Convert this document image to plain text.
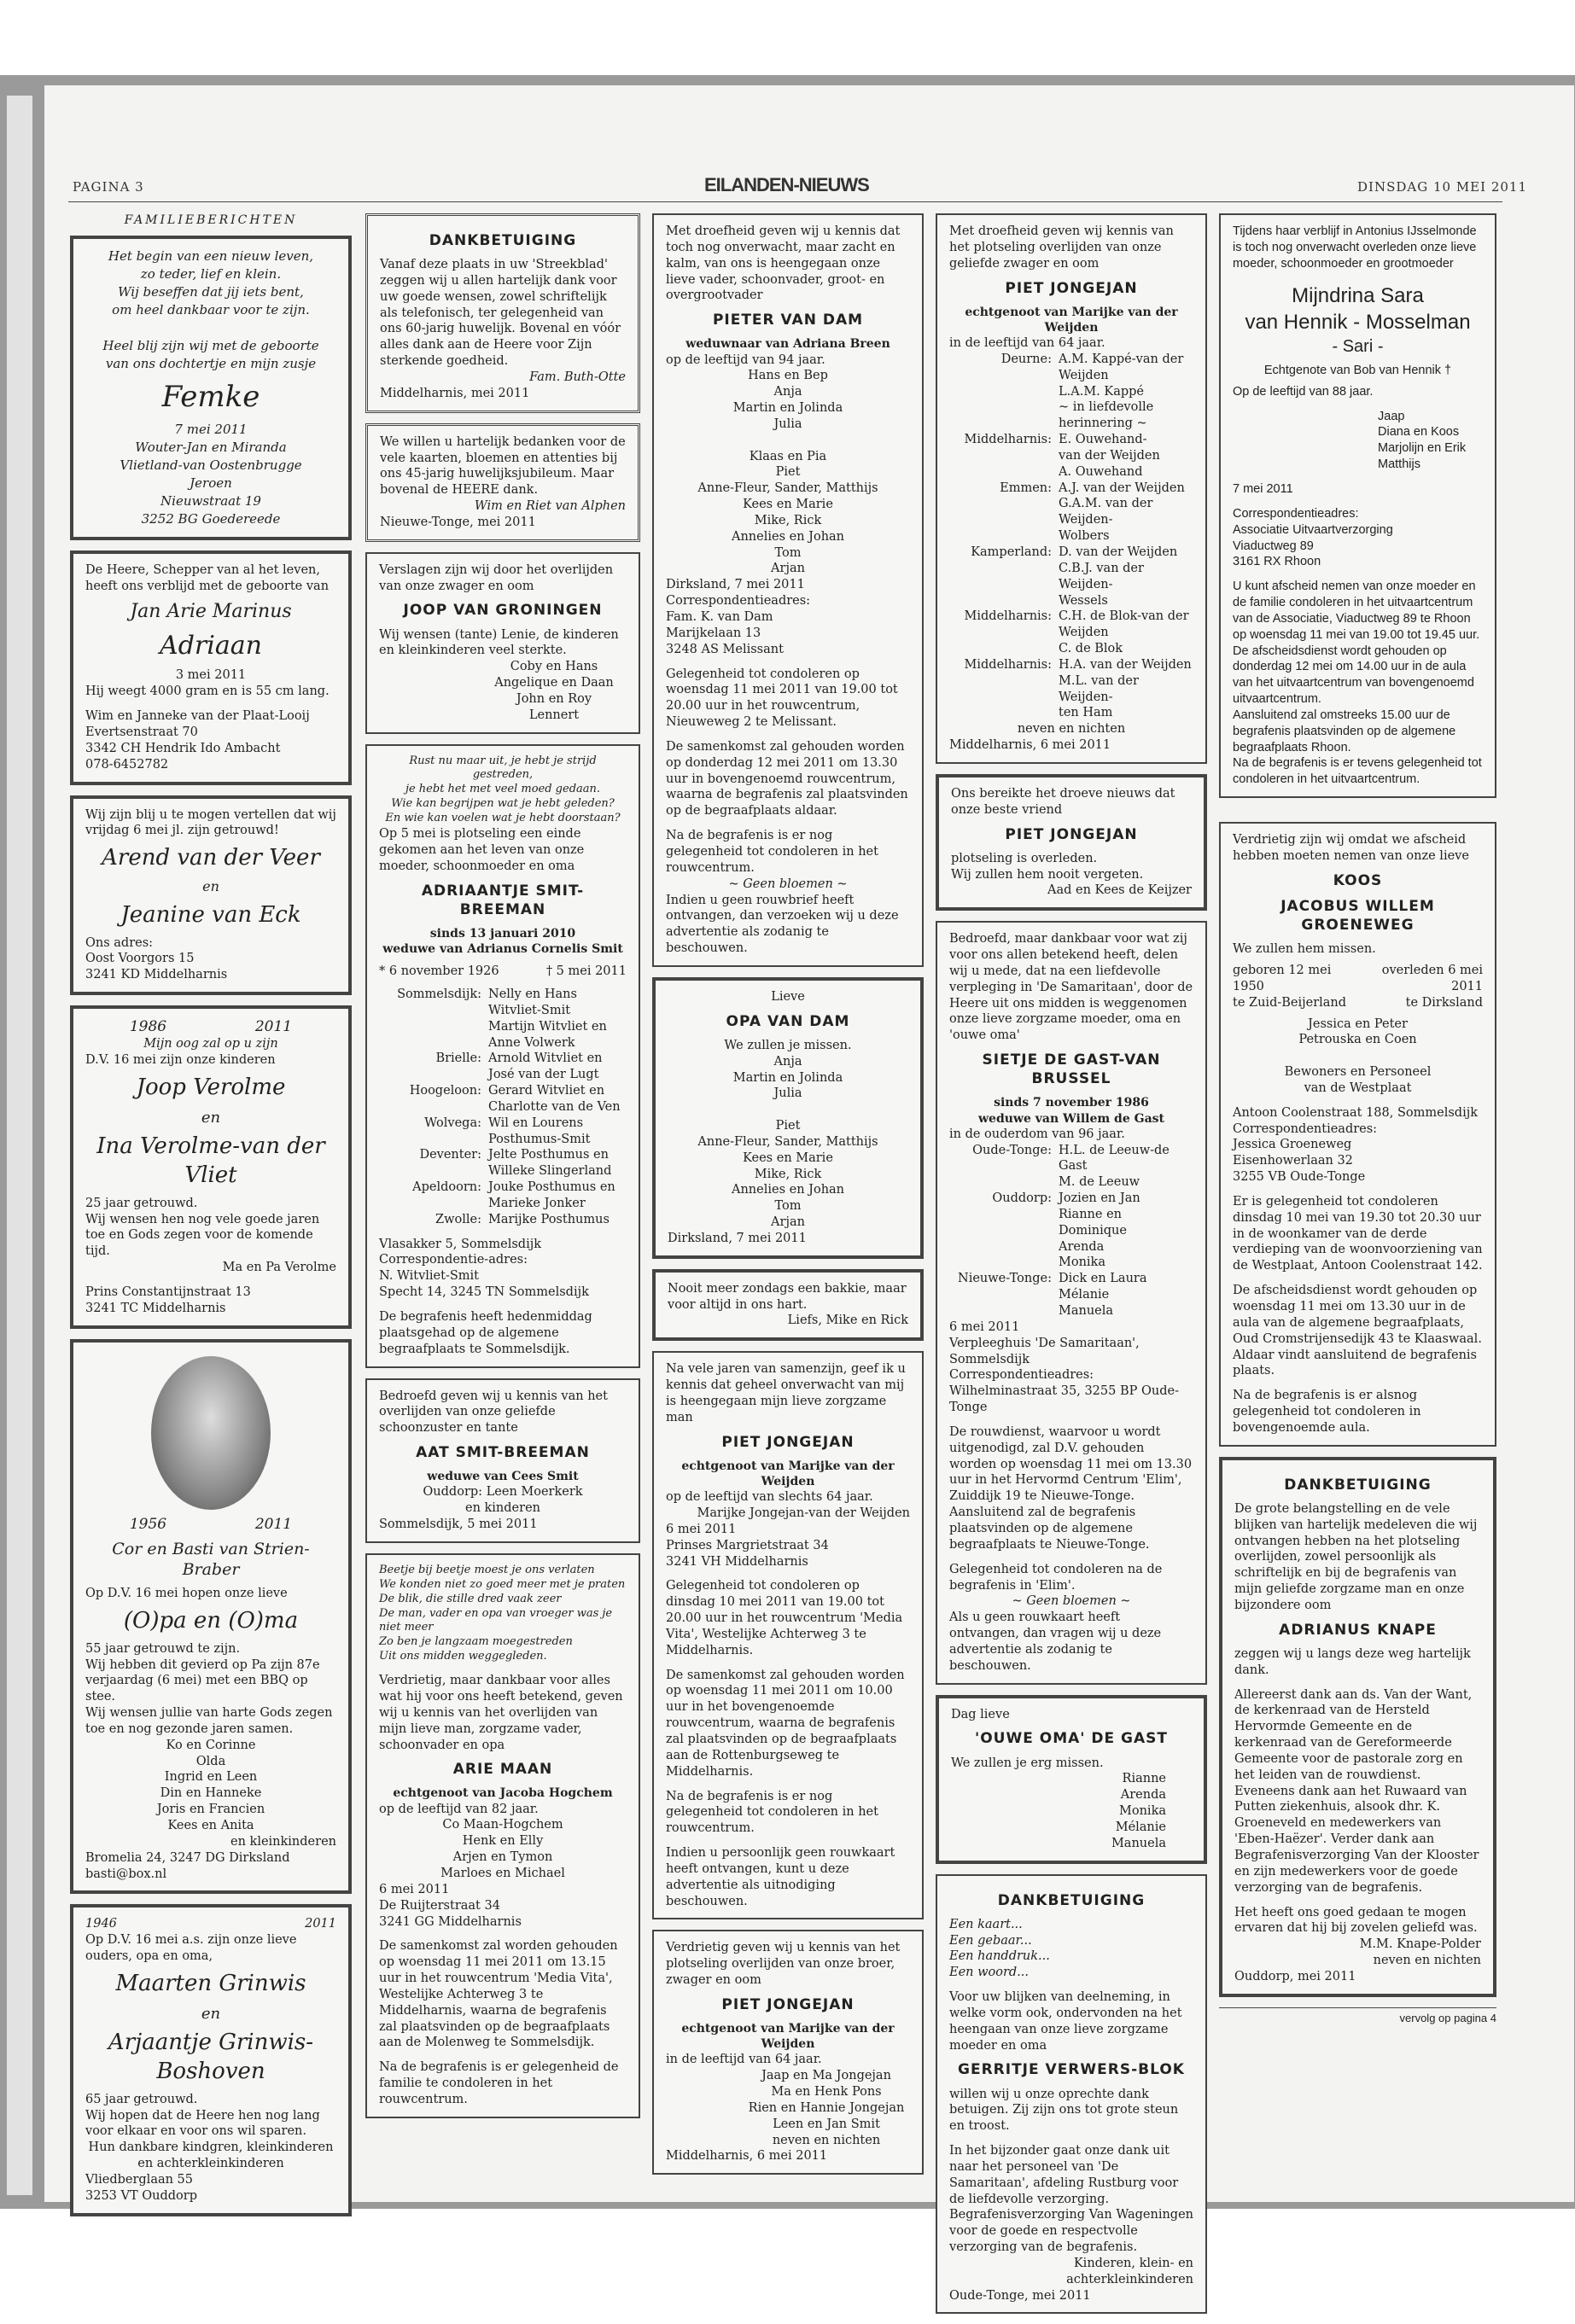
PAGINA 3	EILANDEN-NIEUWS	DINSDAG 10 MEI 2011
FAMILIEBERICHTEN
Het begin van een nieuw leven,
zo teder, lief en klein.
Wij beseffen dat jij iets bent,
om heel dankbaar voor te zijn.

Heel blij zijn wij met de geboorte
van ons dochtertje en mijn zusje
Femke
7 mei 2011
Wouter-Jan en Miranda
Vlietland-van Oostenbrugge
Jeroen
Nieuwstraat 19
3252 BG Goedereede
De Heere, Schepper van al het leven, heeft ons verblijd met de geboorte van
Jan Arie Marinus
Adriaan
3 mei 2011
Hij weegt 4000 gram en is 55 cm lang.
Wim en Janneke van der Plaat-Looij
Evertsenstraat 70
3342 CH Hendrik Ido Ambacht
078-6452782
Wij zijn blij u te mogen vertellen dat wij vrijdag 6 mei jl. zijn getrouwd!
Arend van der Veer
en
Jeanine van Eck
Ons adres:
Oost Voorgors 15
3241 KD Middelharnis
1986	2011
Mijn oog zal op u zijn
D.V. 16 mei zijn onze kinderen
Joop Verolme
en
Ina Verolme-van der Vliet
25 jaar getrouwd.
Wij wensen hen nog vele goede jaren toe en Gods zegen voor de komende tijd.
Ma en Pa Verolme
Prins Constantijnstraat 13
3241 TC Middelharnis
1956	2011
Cor en Basti van Strien-Braber
Op D.V. 16 mei hopen onze lieve
(O)pa en (O)ma
55 jaar getrouwd te zijn.
Wij hebben dit gevierd op Pa zijn 87e verjaardag (6 mei) met een BBQ op stee.
Wij wensen jullie van harte Gods zegen toe en nog gezonde jaren samen.
Ko en Corinne
Olda
Ingrid en Leen
Din en Hanneke
Joris en Francien
Kees en Anita
en kleinkinderen
Bromelia 24, 3247 DG Dirksland
basti@box.nl
1946	2011
Op D.V. 16 mei a.s. zijn onze lieve ouders, opa en oma,
Maarten Grinwis
en
Arjaantje Grinwis-Boshoven
65 jaar getrouwd.
Wij hopen dat de Heere hen nog lang voor elkaar en voor ons wil sparen.
Hun dankbare kindgren, kleinkinderen en achterkleinkinderen
Vliedberglaan 55
3253 VT Ouddorp
DANKBETUIGING
Vanaf deze plaats in uw 'Streekblad' zeggen wij u allen hartelijk dank voor uw goede wensen, zowel schriftelijk als telefonisch, ter gelegenheid van ons 60-jarig huwelijk. Bovenal en vóór alles dank aan de Heere voor Zijn sterkende goedheid.
Fam. Buth-Otte
Middelharnis, mei 2011
We willen u hartelijk bedanken voor de vele kaarten, bloemen en attenties bij ons 45-jarig huwelijksjubileum. Maar bovenal de HEERE dank.
Wim en Riet van Alphen
Nieuwe-Tonge, mei 2011
Verslagen zijn wij door het overlijden van onze zwager en oom
JOOP VAN GRONINGEN
Wij wensen (tante) Lenie, de kinderen en kleinkinderen veel sterkte.
Coby en Hans
Angelique en Daan
John en Roy
Lennert
Rust nu maar uit, je hebt je strijd gestreden,
je hebt het met veel moed gedaan.
Wie kan begrijpen wat je hebt geleden?
En wie kan voelen wat je hebt doorstaan?
Op 5 mei is plotseling een einde gekomen aan het leven van onze moeder, schoonmoeder en oma
ADRIAANTJE SMIT-BREEMAN
sinds 13 januari 2010
weduwe van Adrianus Cornelis Smit
* 6 november 1926	† 5 mei 2011
Sommelsdijk: Nelly en Hans Witvliet-Smit
Martijn Witvliet en
Anne Volwerk
Brielle: Arnold Witvliet en
José van der Lugt
Hoogeloon: Gerard Witvliet en
Charlotte van de Ven
Wolvega: Wil en Lourens
Posthumus-Smit
Deventer: Jelte Posthumus en
Willeke Slingerland
Apeldoorn: Jouke Posthumus en
Marieke Jonker
Zwolle: Marijke Posthumus
Vlasakker 5, Sommelsdijk
Correspondentie-adres:
N. Witvliet-Smit
Specht 14, 3245 TN Sommelsdijk
De begrafenis heeft hedenmiddag plaatsgehad op de algemene begraafplaats te Sommelsdijk.
Bedroefd geven wij u kennis van het overlijden van onze geliefde schoonzuster en tante
AAT SMIT-BREEMAN
weduwe van Cees Smit
Ouddorp: Leen Moerkerk
en kinderen
Sommelsdijk, 5 mei 2011
Beetje bij beetje moest je ons verlaten
We konden niet zo goed meer met je praten
De blik, die stille dred vaak zeer
De man, vader en opa van vroeger was je niet meer
Zo ben je langzaam moegestreden
Uit ons midden weggegleden.
Verdrietig, maar dankbaar voor alles wat hij voor ons heeft betekend, geven wij u kennis van het overlijden van mijn lieve man, zorgzame vader, schoonvader en opa
ARIE MAAN
echtgenoot van Jacoba Hogchem
op de leeftijd van 82 jaar.
Co Maan-Hogchem
Henk en Elly
Arjen en Tymon
Marloes en Michael
6 mei 2011
De Ruijterstraat 34
3241 GG Middelharnis
De samenkomst zal worden gehouden op woensdag 11 mei 2011 om 13.15 uur in het rouwcentrum 'Media Vita', Westelijke Achterweg 3 te Middelharnis, waarna de begrafenis zal plaatsvinden op de begraafplaats aan de Molenweg te Sommelsdijk.
Na de begrafenis is er gelegenheid de familie te condoleren in het rouwcentrum.
Met droefheid geven wij u kennis dat toch nog onverwacht, maar zacht en kalm, van ons is heengegaan onze lieve vader, schoonvader, groot- en overgrootvader
PIETER VAN DAM
weduwnaar van Adriana Breen
op de leeftijd van 94 jaar.
Hans en Bep
Anja
Martin en Jolinda
Julia

Klaas en Pia
Piet
Anne-Fleur, Sander, Matthijs
Kees en Marie
Mike, Rick
Annelies en Johan
Tom
Arjan
Dirksland, 7 mei 2011
Correspondentieadres:
Fam. K. van Dam
Marijkelaan 13
3248 AS Melissant
Gelegenheid tot condoleren op woensdag 11 mei 2011 van 19.00 tot 20.00 uur in het rouwcentrum, Nieuweweg 2 te Melissant.
De samenkomst zal gehouden worden op donderdag 12 mei 2011 om 13.30 uur in bovengenoemd rouwcentrum, waarna de begrafenis zal plaatsvinden op de begraafplaats aldaar.
Na de begrafenis is er nog gelegenheid tot condoleren in het rouwcentrum.
~ Geen bloemen ~
Indien u geen rouwbrief heeft ontvangen, dan verzoeken wij u deze advertentie als zodanig te beschouwen.
Lieve
OPA VAN DAM
We zullen je missen.
Anja
Martin en Jolinda
Julia

Piet
Anne-Fleur, Sander, Matthijs
Kees en Marie
Mike, Rick
Annelies en Johan
Tom
Arjan
Dirksland, 7 mei 2011
Nooit meer zondags een bakkie, maar voor altijd in ons hart.
Liefs, Mike en Rick
Na vele jaren van samenzijn, geef ik u kennis dat geheel onverwacht van mij is heengegaan mijn lieve zorgzame man
PIET JONGEJAN
echtgenoot van Marijke van der Weijden
op de leeftijd van slechts 64 jaar.
Marijke Jongejan-van der Weijden
6 mei 2011
Prinses Margrietstraat 34
3241 VH Middelharnis
Gelegenheid tot condoleren op dinsdag 10 mei 2011 van 19.00 tot 20.00 uur in het rouwcentrum 'Media Vita', Westelijke Achterweg 3 te Middelharnis.
De samenkomst zal gehouden worden op woensdag 11 mei 2011 om 10.00 uur in het bovengenoemde rouwcentrum, waarna de begrafenis zal plaatsvinden op de begraafplaats aan de Rottenburgseweg te Middelharnis.
Na de begrafenis is er nog gelegenheid tot condoleren in het rouwcentrum.
Indien u persoonlijk geen rouwkaart heeft ontvangen, kunt u deze advertentie als uitnodiging beschouwen.
Verdrietig geven wij u kennis van het plotseling overlijden van onze broer, zwager en oom
PIET JONGEJAN
echtgenoot van Marijke van der Weijden
in de leeftijd van 64 jaar.
Jaap en Ma Jongejan
Ma en Henk Pons
Rien en Hannie Jongejan
Leen en Jan Smit
neven en nichten
Middelharnis, 6 mei 2011
Met droefheid geven wij kennis van het plotseling overlijden van onze geliefde zwager en oom
PIET JONGEJAN
echtgenoot van Marijke van der Weijden
in de leeftijd van 64 jaar.
Deurne: A.M. Kappé-van der Weijden
L.A.M. Kappé
~ in liefdevolle herinnering ~
Middelharnis: E. Ouwehand-
van der Weijden
A. Ouwehand
Emmen: A.J. van der Weijden
G.A.M. van der Weijden-
Wolbers
Kamperland: D. van der Weijden
C.B.J. van der Weijden-
Wessels
Middelharnis: C.H. de Blok-van der Weijden
C. de Blok
Middelharnis: H.A. van der Weijden
M.L. van der Weijden-
ten Ham
neven en nichten
Middelharnis, 6 mei 2011
Ons bereikte het droeve nieuws dat onze beste vriend
PIET JONGEJAN
plotseling is overleden.
Wij zullen hem nooit vergeten.
Aad en Kees de Keijzer
Bedroefd, maar dankbaar voor wat zij voor ons allen betekend heeft, delen wij u mede, dat na een liefdevolle verpleging in 'De Samaritaan', door de Heere uit ons midden is weggenomen onze lieve zorgzame moeder, oma en 'ouwe oma'
SIETJE DE GAST-VAN BRUSSEL
sinds 7 november 1986
weduwe van Willem de Gast
in de ouderdom van 96 jaar.
Oude-Tonge: H.L. de Leeuw-de Gast
M. de Leeuw
Ouddorp: Jozien en Jan
Rianne en Dominique
Arenda
Monika
Nieuwe-Tonge: Dick en Laura
Mélanie
Manuela
6 mei 2011
Verpleeghuis 'De Samaritaan', Sommelsdijk
Correspondentieadres:
Wilhelminastraat 35, 3255 BP Oude-Tonge
De rouwdienst, waarvoor u wordt uitgenodigd, zal D.V. gehouden worden op woensdag 11 mei om 13.30 uur in het Hervormd Centrum 'Elim', Zuiddijk 19 te Nieuwe-Tonge. Aansluitend zal de begrafenis plaatsvinden op de algemene begraafplaats te Nieuwe-Tonge.
Gelegenheid tot condoleren na de begrafenis in 'Elim'.
~ Geen bloemen ~
Als u geen rouwkaart heeft ontvangen, dan vragen wij u deze advertentie als zodanig te beschouwen.
Dag lieve
'OUWE OMA' DE GAST
We zullen je erg missen.
Rianne
Arenda
Monika
Mélanie
Manuela
DANKBETUIGING
Een kaart...
Een gebaar...
Een handdruk...
Een woord...
Voor uw blijken van deelneming, in welke vorm ook, ondervonden na het heengaan van onze lieve zorgzame moeder en oma
GERRITJE VERWERS-BLOK
willen wij u onze oprechte dank betuigen. Zij zijn ons tot grote steun en troost.
In het bijzonder gaat onze dank uit naar het personeel van 'De Samaritaan', afdeling Rustburg voor de liefdevolle verzorging. Begrafenisverzorging Van Wageningen voor de goede en respectvolle verzorging van de begrafenis.
Kinderen, klein- en
achterkleinkinderen
Oude-Tonge, mei 2011
Tijdens haar verblijf in Antonius IJsselmonde is toch nog onverwacht overleden onze lieve moeder, schoonmoeder en grootmoeder
Mijndrina Sara
van Hennik - Mosselman
- Sari -
Echtgenote van Bob van Hennik †
Op de leeftijd van 88 jaar.
Jaap
Diana en Koos
Marjolijn en Erik
Matthijs
7 mei 2011
Correspondentieadres:
Associatie Uitvaartverzorging
Viaductweg 89
3161 RX Rhoon
U kunt afscheid nemen van onze moeder en de familie condoleren in het uitvaartcentrum van de Associatie, Viaductweg 89 te Rhoon op woensdag 11 mei van 19.00 tot 19.45 uur.
De afscheidsdienst wordt gehouden op donderdag 12 mei om 14.00 uur in de aula van het uitvaartcentrum van bovengenoemd uitvaartcentrum.
Aansluitend zal omstreeks 15.00 uur de begrafenis plaatsvinden op de algemene begraafplaats Rhoon.
Na de begrafenis is er tevens gelegenheid tot condoleren in het uitvaartcentrum.
Verdrietig zijn wij omdat we afscheid hebben moeten nemen van onze lieve
KOOS
JACOBUS WILLEM GROENEWEG
We zullen hem missen.
geboren 12 mei 1950
te Zuid-Beijerland
overleden 6 mei 2011
te Dirksland
Jessica en Peter
Petrouska en Coen

Bewoners en Personeel
van de Westplaat
Antoon Coolenstraat 188, Sommelsdijk
Correspondentieadres:
Jessica Groeneweg
Eisenhowerlaan 32
3255 VB Oude-Tonge
Er is gelegenheid tot condoleren dinsdag 10 mei van 19.30 tot 20.30 uur in de woonkamer van de derde verdieping van de woonvoorziening van de Westplaat, Antoon Coolenstraat 142.
De afscheidsdienst wordt gehouden op woensdag 11 mei om 13.30 uur in de aula van de algemene begraafplaats, Oud Cromstrijensedijk 43 te Klaaswaal. Aldaar vindt aansluitend de begrafenis plaats.
Na de begrafenis is er alsnog gelegenheid tot condoleren in bovengenoemde aula.
DANKBETUIGING
De grote belangstelling en de vele blijken van hartelijk medeleven die wij ontvangen hebben na het plotseling overlijden, zowel persoonlijk als schriftelijk en bij de begrafenis van mijn geliefde zorgzame man en onze bijzondere oom
ADRIANUS KNAPE
zeggen wij u langs deze weg hartelijk dank.
Allereerst dank aan ds. Van der Want, de kerkenraad van de Hersteld Hervormde Gemeente en de kerkenraad van de Gereformeerde Gemeente voor de pastorale zorg en het leiden van de rouwdienst. Eveneens dank aan het Ruwaard van Putten ziekenhuis, alsook dhr. K. Groeneveld en medewerkers van 'Eben-Haëzer'. Verder dank aan Begrafenisverzorging Van der Klooster en zijn medewerkers voor de goede verzorging van de begrafenis.
Het heeft ons goed gedaan te mogen ervaren dat hij bij zovelen geliefd was.
M.M. Knape-Polder
neven en nichten
Ouddorp, mei 2011
vervolg op pagina 4
